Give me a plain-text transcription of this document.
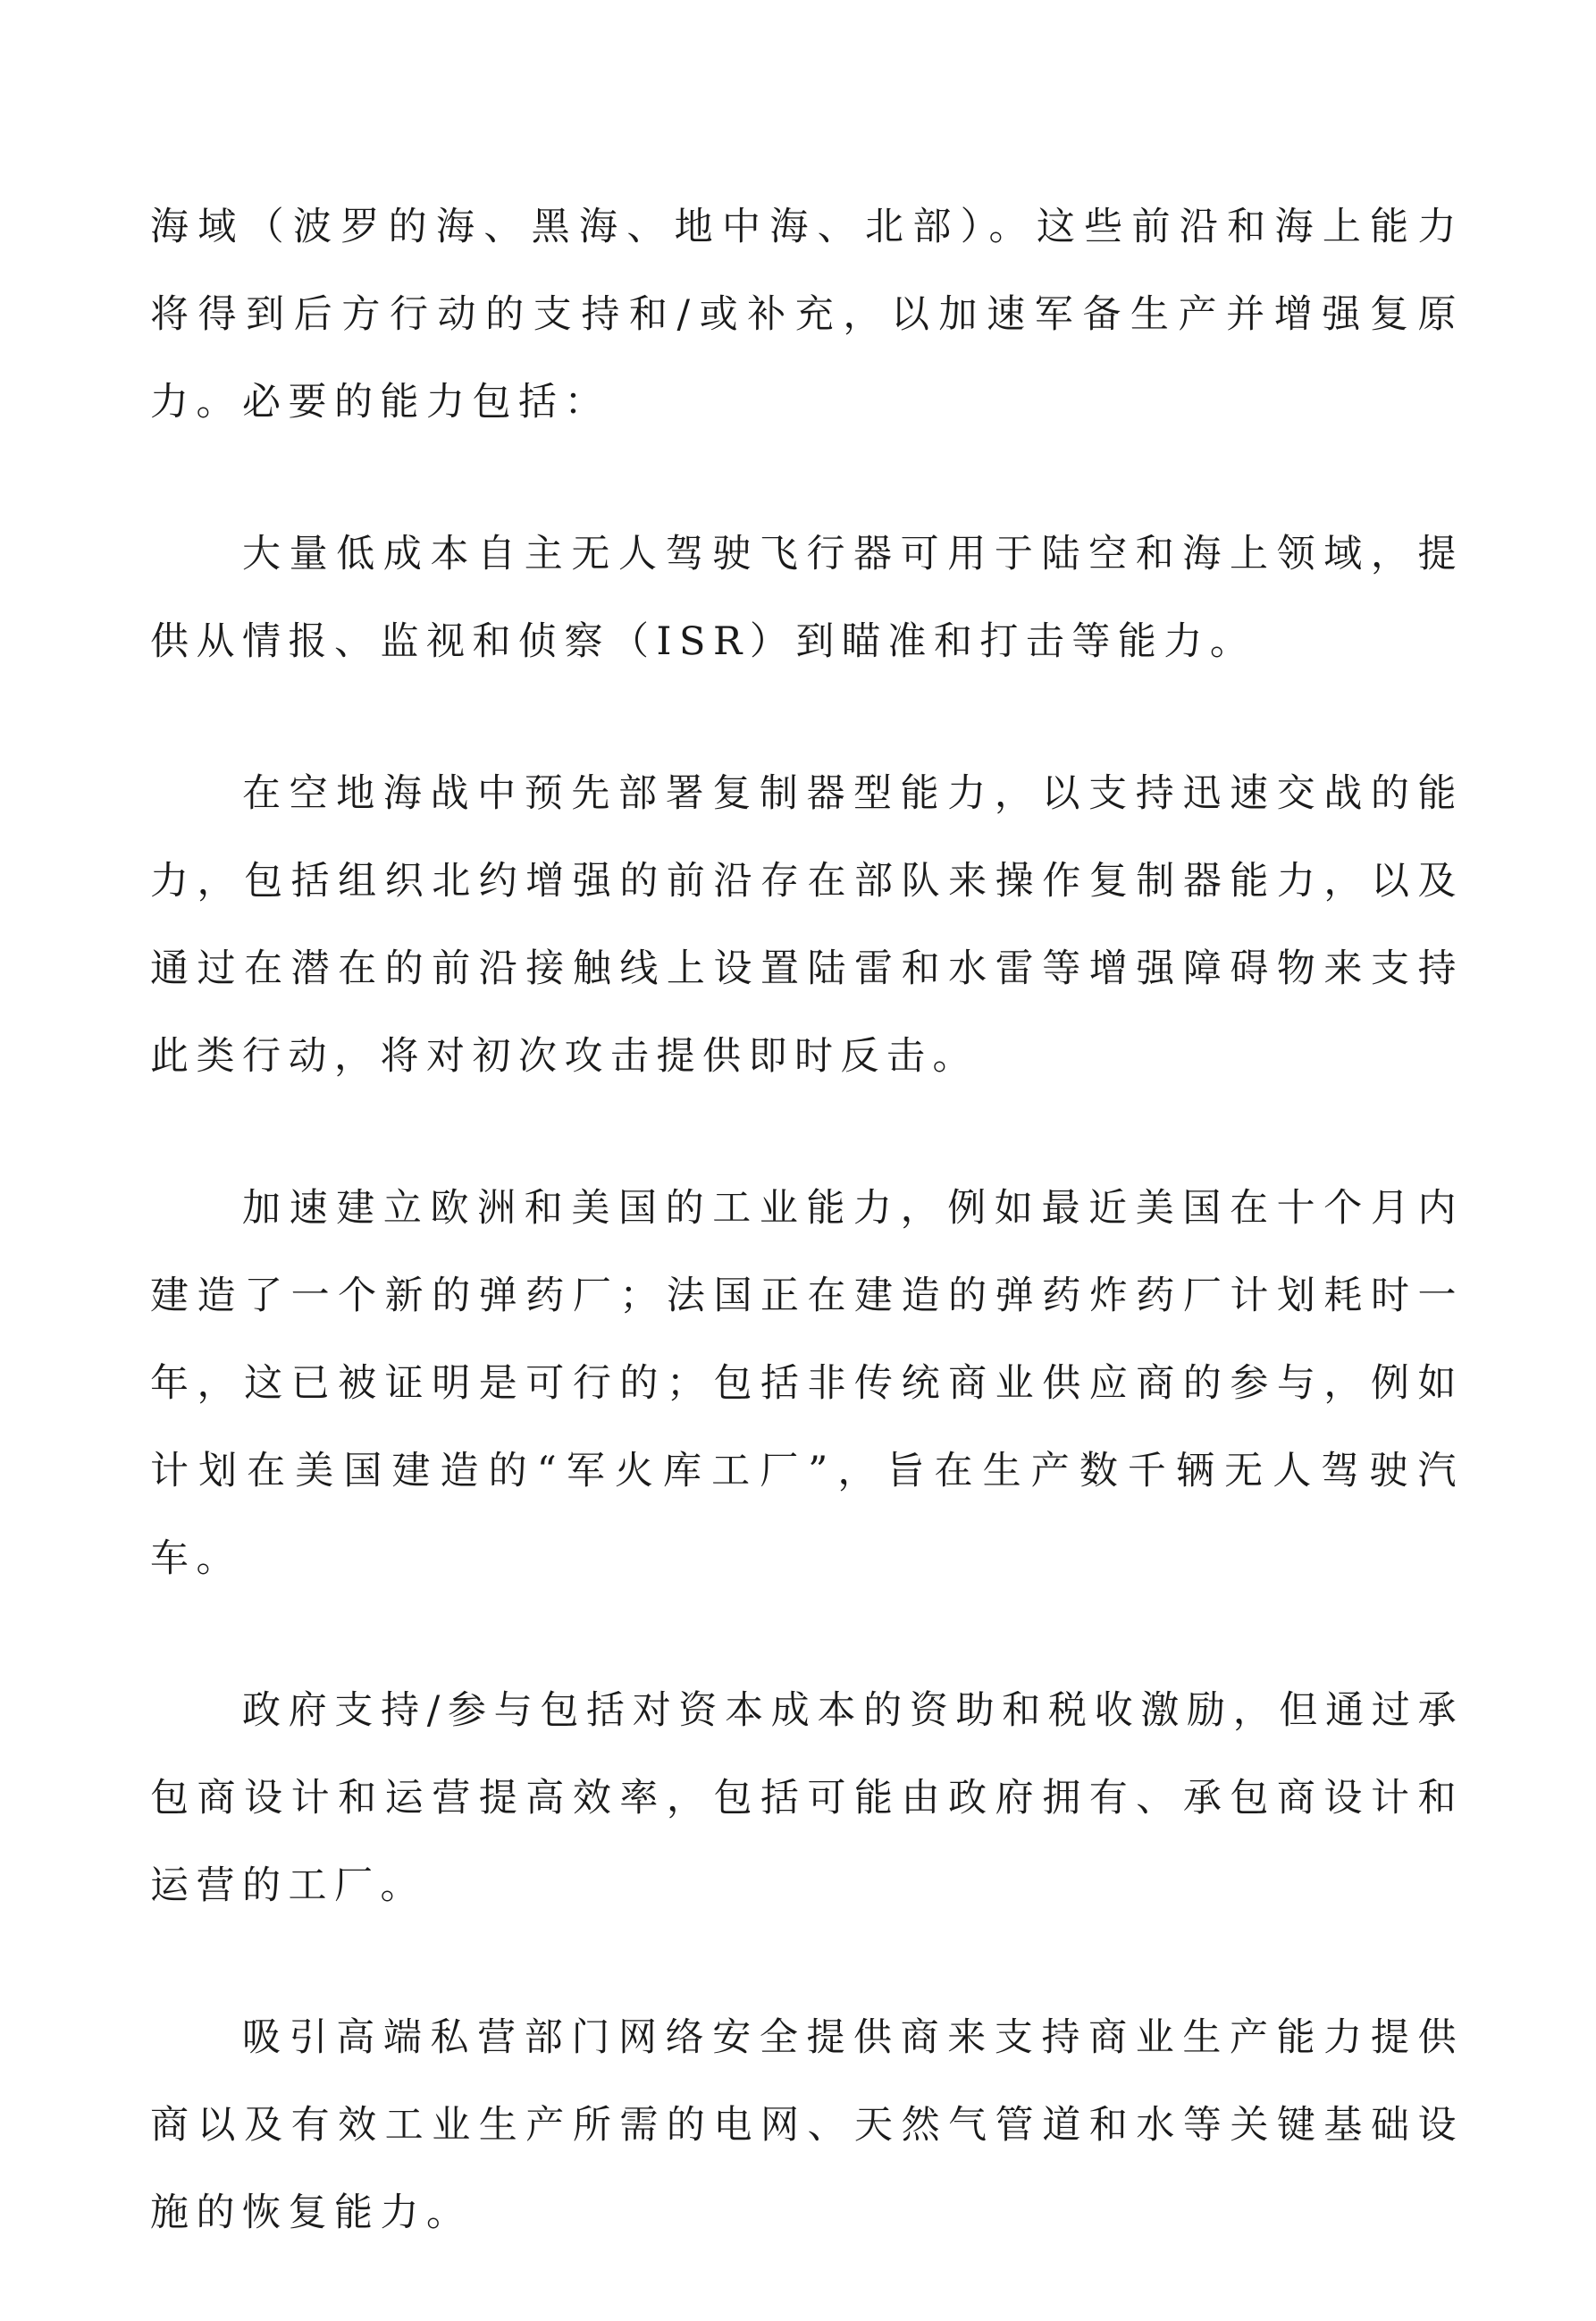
海域（波罗的海、黑海、地中海、北部）。这些前沿和海上能力将得到后方行动的支持和/或补充，以加速军备生产并增强复原力。必要的能力包括：

大量低成本自主无人驾驶飞行器可用于陆空和海上领域，提供从情报、监视和侦察（ISR）到瞄准和打击等能力。

在空地海战中预先部署复制器型能力，以支持迅速交战的能力，包括组织北约增强的前沿存在部队来操作复制器能力，以及通过在潜在的前沿接触线上设置陆雷和水雷等增强障碍物来支持此类行动，将对初次攻击提供即时反击。

加速建立欧洲和美国的工业能力，例如最近美国在十个月内建造了一个新的弹药厂；法国正在建造的弹药炸药厂计划耗时一年，这已被证明是可行的；包括非传统商业供应商的参与，例如计划在美国建造的“军火库工厂”，旨在生产数千辆无人驾驶汽车。

政府支持/参与包括对资本成本的资助和税收激励，但通过承包商设计和运营提高效率，包括可能由政府拥有、承包商设计和运营的工厂。

吸引高端私营部门网络安全提供商来支持商业生产能力提供商以及有效工业生产所需的电网、天然气管道和水等关键基础设施的恢复能力。
